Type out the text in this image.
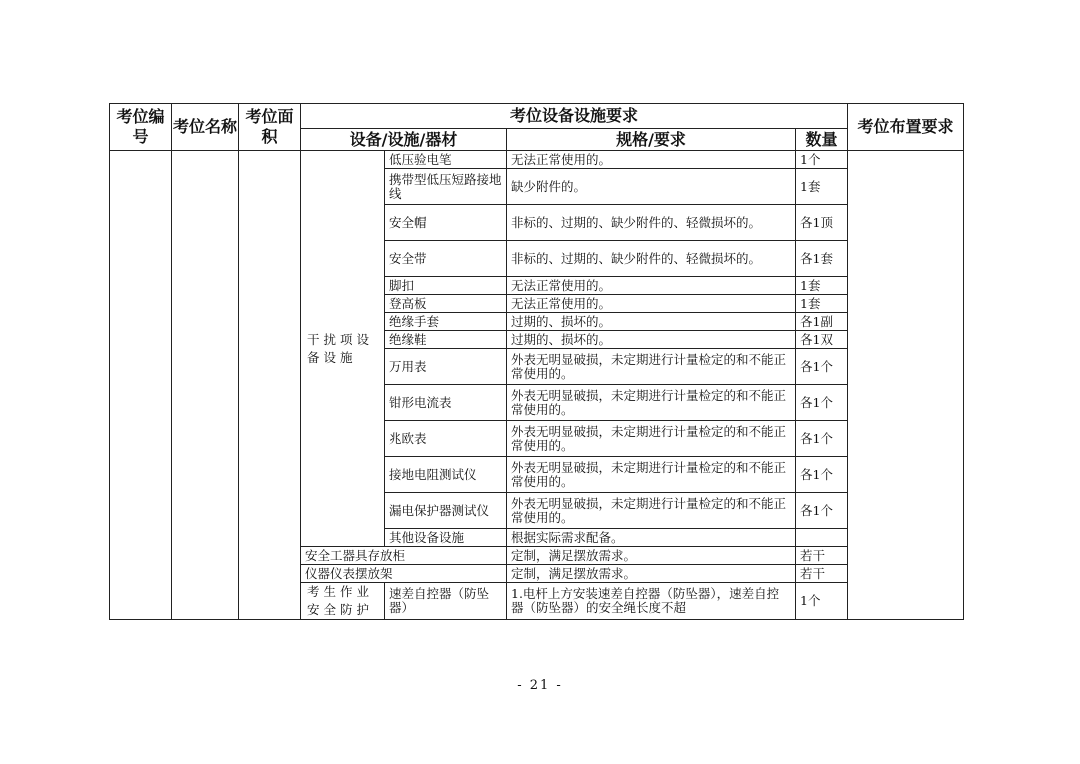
考位编号	考位名称	考位面积	考位设备设施要求				考位布置要求
			设备/设施/器材		规格/要求	数量	
			干扰项设备设施	低压验电笔	无法正常使用的。	1个	
				携带型低压短路接地线	缺少附件的。	1套	
				安全帽	非标的、过期的、缺少附件的、轻微损坏的。	各1顶	
				安全带	非标的、过期的、缺少附件的、轻微损坏的。	各1套	
				脚扣	无法正常使用的。	1套	
				登高板	无法正常使用的。	1套	
				绝缘手套	过期的、损坏的。	各1副	
				绝缘鞋	过期的、损坏的。	各1双	
				万用表	外表无明显破损，未定期进行计量检定的和不能正常使用的。	各1个	
				钳形电流表	外表无明显破损，未定期进行计量检定的和不能正常使用的。	各1个	
				兆欧表	外表无明显破损，未定期进行计量检定的和不能正常使用的。	各1个	
				接地电阻测试仪	外表无明显破损，未定期进行计量检定的和不能正常使用的。	各1个	
				漏电保护器测试仪	外表无明显破损，未定期进行计量检定的和不能正常使用的。	各1个	
				其他设备设施	根据实际需求配备。		
			安全工器具存放柜		定制，满足摆放需求。	若干	
			仪器仪表摆放架		定制，满足摆放需求。	若干	
			考生作业安全防护	速差自控器（防坠器）	1.电杆上方安装速差自控器（防坠器），速差自控器（防坠器）的安全绳长度不超	1个	
- 21 -
